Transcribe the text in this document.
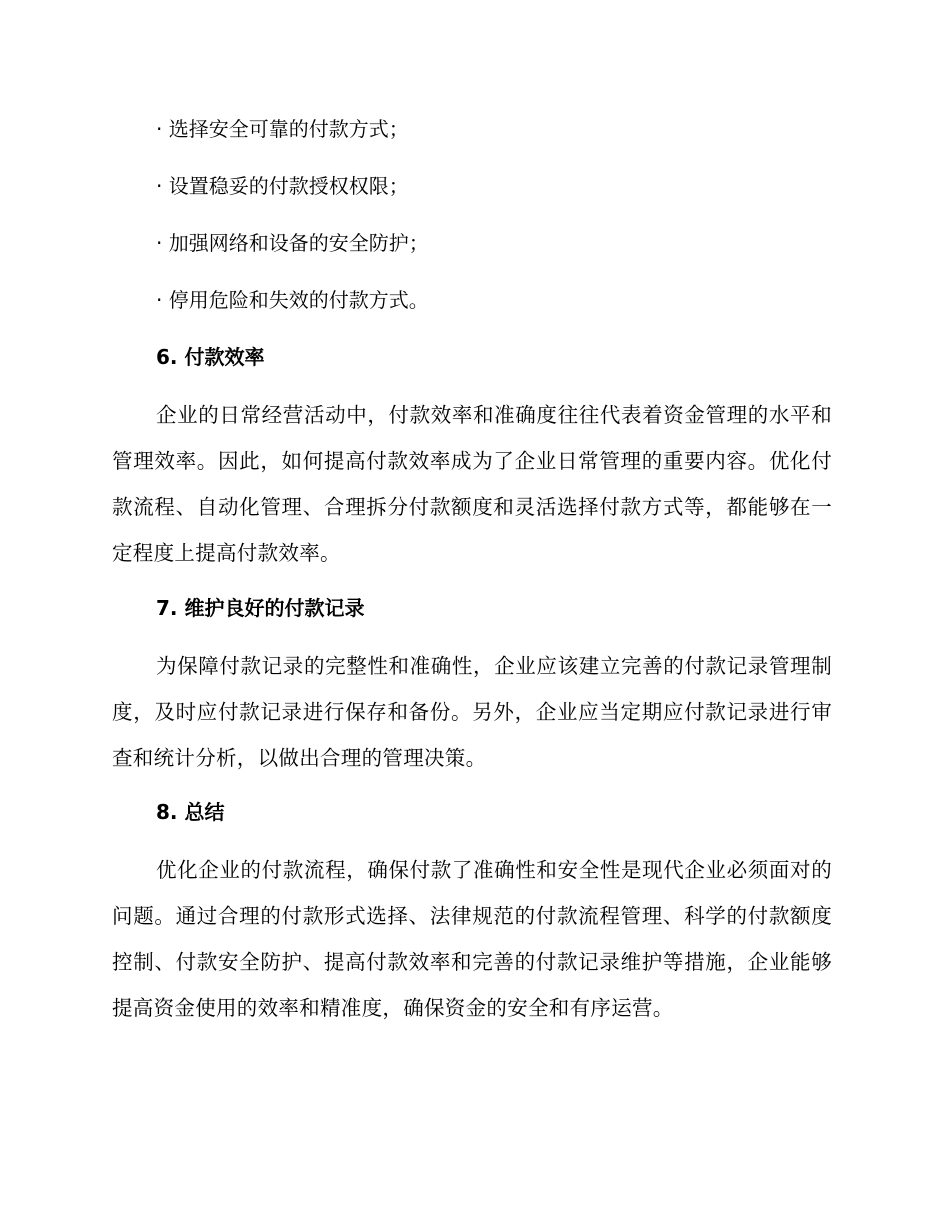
· 选择安全可靠的付款方式；
· 设置稳妥的付款授权权限；
· 加强网络和设备的安全防护；
· 停用危险和失效的付款方式。
6. 付款效率
企业的日常经营活动中，付款效率和准确度往往代表着资金管理的水平和管理效率。因此，如何提高付款效率成为了企业日常管理的重要内容。优化付款流程、自动化管理、合理拆分付款额度和灵活选择付款方式等，都能够在一定程度上提高付款效率。
7. 维护良好的付款记录
为保障付款记录的完整性和准确性，企业应该建立完善的付款记录管理制度，及时应付款记录进行保存和备份。另外，企业应当定期应付款记录进行审查和统计分析，以做出合理的管理决策。
8. 总结
优化企业的付款流程，确保付款了准确性和安全性是现代企业必须面对的问题。通过合理的付款形式选择、法律规范的付款流程管理、科学的付款额度控制、付款安全防护、提高付款效率和完善的付款记录维护等措施，企业能够提高资金使用的效率和精准度，确保资金的安全和有序运营。
